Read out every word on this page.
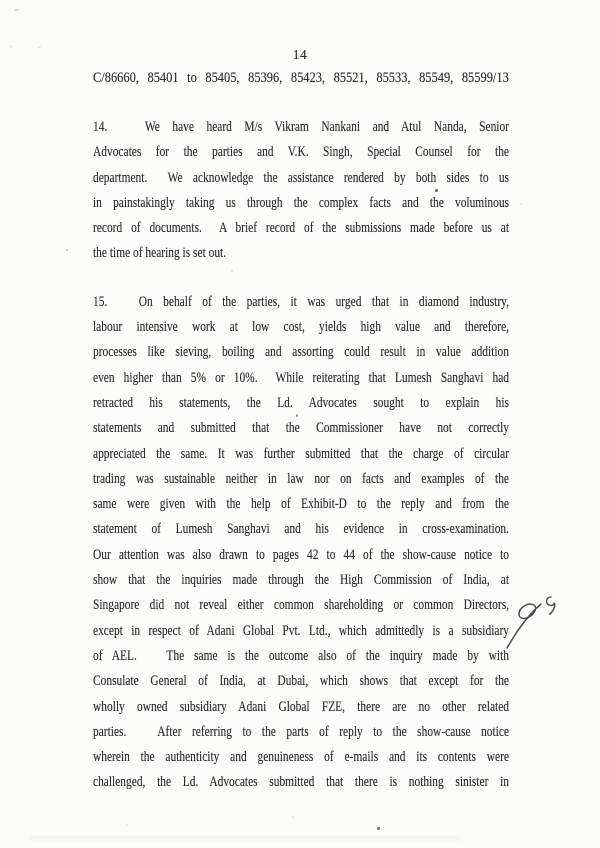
14
C/86660, 85401 to 85405, 85396, 85423, 85521, 85533, 85549, 85599/13
14.   We have heard M/s Vikram Nankani and Atul Nanda, Senior
Advocates for the parties and V.K. Singh, Special Counsel for the
department.  We acknowledge the assistance rendered by both sides to us
in painstakingly taking us through the complex facts and the voluminous
record of documents.  A brief record of the submissions made before us at
the time of hearing is set out.
15.   On behalf of the parties, it was urged that in diamond industry,
labour intensive work at low cost, yields high value and therefore,
processes like sieving, boiling and assorting could result in value addition
even higher than 5% or 10%.  While reiterating that Lumesh Sanghavi had
retracted his statements, the Ld. Advocates sought to explain his
statements and submitted that the Commissioner have not correctly
appreciated the same. It was further submitted that the charge of circular
trading was sustainable neither in law nor on facts and examples of the
same were given with the help of Exhibit-D to the reply and from the
statement of Lumesh Sanghavi and his evidence in cross-examination.
Our attention was also drawn to pages 42 to 44 of the show-cause notice to
show that the inquiries made through the High Commission of India, at
Singapore did not reveal either common shareholding or common Directors,
except in respect of Adani Global Pvt. Ltd., which admittedly is a subsidiary
of AEL.   The same is the outcome also of the inquiry made by with
Consulate General of India, at Dubai, which shows that except for the
wholly owned subsidiary Adani Global FZE, there are no other related
parties.   After referring to the parts of reply to the show-cause notice
wherein the authenticity and genuineness of e-mails and its contents were
challenged, the Ld. Advocates submitted that there is nothing sinister in
